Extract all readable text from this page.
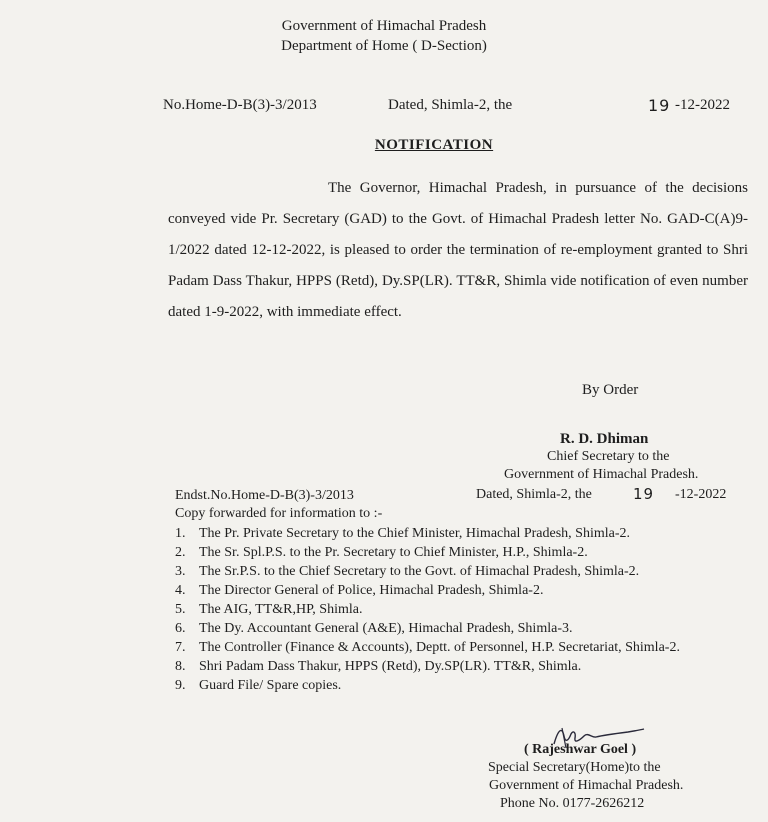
Government of Himachal Pradesh
Department of Home ( D-Section)
No.Home-D-B(3)-3/2013	Dated, Shimla-2, the	19 -12-2022
NOTIFICATION
The Governor, Himachal Pradesh, in pursuance of the decisions conveyed vide Pr. Secretary (GAD) to the Govt. of Himachal Pradesh letter No. GAD-C(A)9-1/2022 dated 12-12-2022, is pleased to order the termination of re-employment granted to Shri Padam Dass Thakur, HPPS (Retd), Dy.SP(LR). TT&R, Shimla vide notification of even number dated 1-9-2022, with immediate effect.
By Order
R. D. Dhiman
Chief Secretary to the
Government of Himachal Pradesh.
Endst.No.Home-D-B(3)-3/2013	Dated, Shimla-2, the	19 -12-2022
Copy forwarded for information to :-
1. The Pr. Private Secretary to the Chief Minister, Himachal Pradesh, Shimla-2.
2. The Sr. Spl.P.S. to the Pr. Secretary to Chief Minister, H.P., Shimla-2.
3. The Sr.P.S. to the Chief Secretary to the Govt. of Himachal Pradesh, Shimla-2.
4. The Director General of Police, Himachal Pradesh, Shimla-2.
5. The AIG, TT&R,HP, Shimla.
6. The Dy. Accountant General (A&E), Himachal Pradesh, Shimla-3.
7. The Controller (Finance & Accounts), Deptt. of Personnel, H.P. Secretariat, Shimla-2.
8. Shri Padam Dass Thakur, HPPS (Retd), Dy.SP(LR). TT&R, Shimla.
9. Guard File/ Spare copies.
( Rajeshwar Goel )
Special Secretary(Home)to the
Government of Himachal Pradesh.
Phone No. 0177-2626212
